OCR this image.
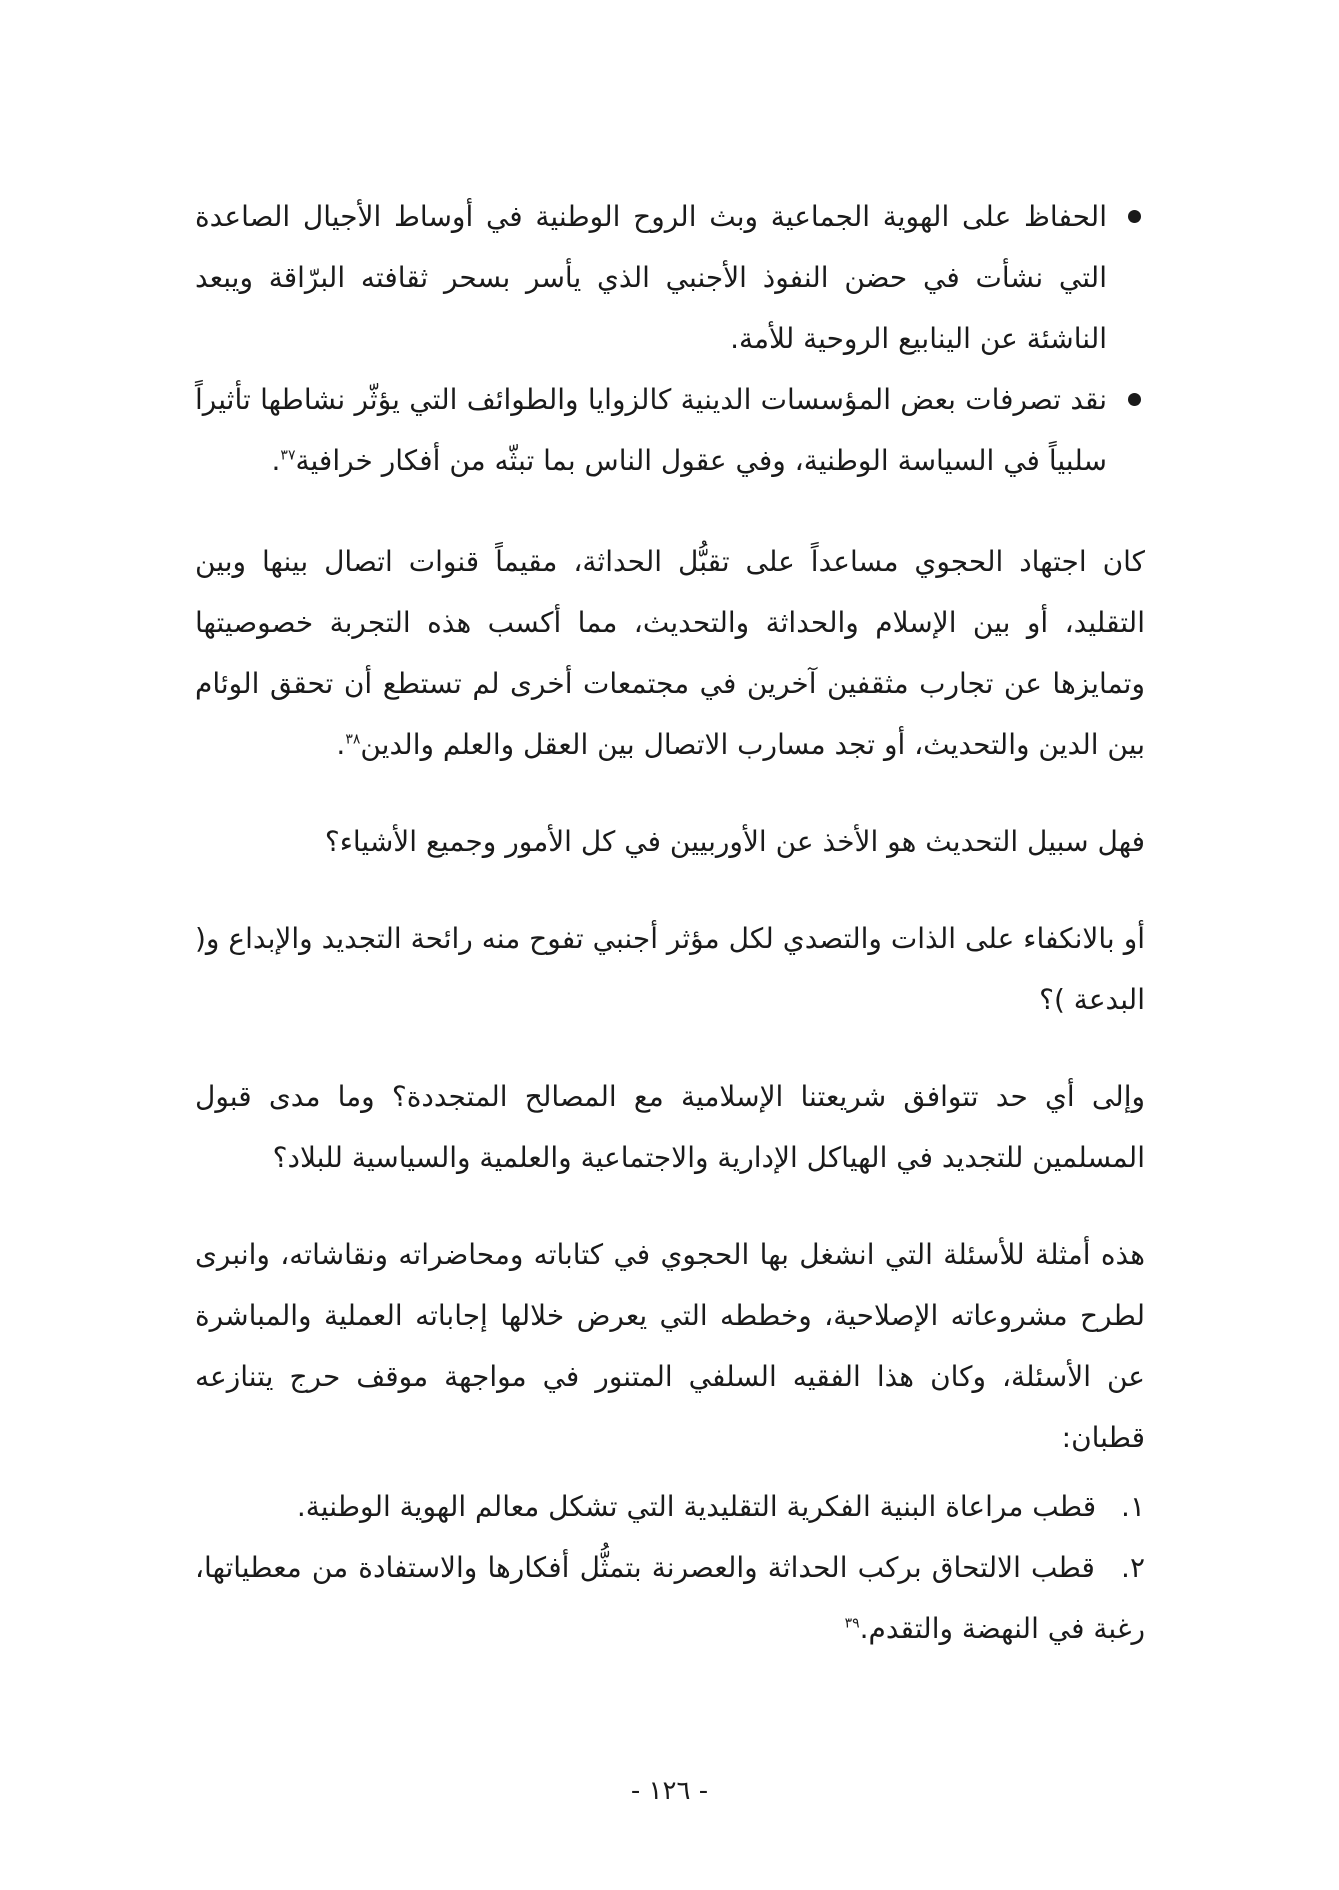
الحفاظ على الهوية الجماعية وبث الروح الوطنية في أوساط الأجيال الصاعدة التي نشأت في حضن النفوذ الأجنبي الذي يأسر بسحر ثقافته البرّاقة ويبعد الناشئة عن الينابيع الروحية للأمة.
نقد تصرفات بعض المؤسسات الدينية كالزوايا والطوائف التي يؤثّر نشاطها تأثيراً سلبياً في السياسة الوطنية، وفي عقول الناس بما تبثّه من أفكار خرافية$^{٣٧}$.

كان اجتهاد الحجوي مساعداً على تقبُّل الحداثة، مقيماً قنوات اتصال بينها وبين التقليد، أو بين الإسلام والحداثة والتحديث، مما أكسب هذه التجربة خصوصيتها وتمايزها عن تجارب مثقفين آخرين في مجتمعات أخرى لم تستطع أن تحقق الوئام بين الدين والتحديث، أو تجد مسارب الاتصال بين العقل والعلم والدين$^{٣٨}$.

فهل سبيل التحديث هو الأخذ عن الأوربيين في كل الأمور وجميع الأشياء؟

أو بالانكفاء على الذات والتصدي لكل مؤثر أجنبي تفوح منه رائحة التجديد والإبداع و( البدعة )؟

وإلى أي حد تتوافق شريعتنا الإسلامية مع المصالح المتجددة؟ وما مدى قبول المسلمين للتجديد في الهياكل الإدارية والاجتماعية والعلمية والسياسية للبلاد؟

هذه أمثلة للأسئلة التي انشغل بها الحجوي في كتاباته ومحاضراته ونقاشاته، وانبرى لطرح مشروعاته الإصلاحية، وخططه التي يعرض خلالها إجاباته العملية والمباشرة عن الأسئلة، وكان هذا الفقيه السلفي المتنور في مواجهة موقف حرج يتنازعه قطبان:

١. قطب مراعاة البنية الفكرية التقليدية التي تشكل معالم الهوية الوطنية.
٢. قطب الالتحاق بركب الحداثة والعصرنة بتمثُّل أفكارها والاستفادة من معطياتها، رغبة في النهضة والتقدم.$^{٣٩}$
- ١٢٦ -
